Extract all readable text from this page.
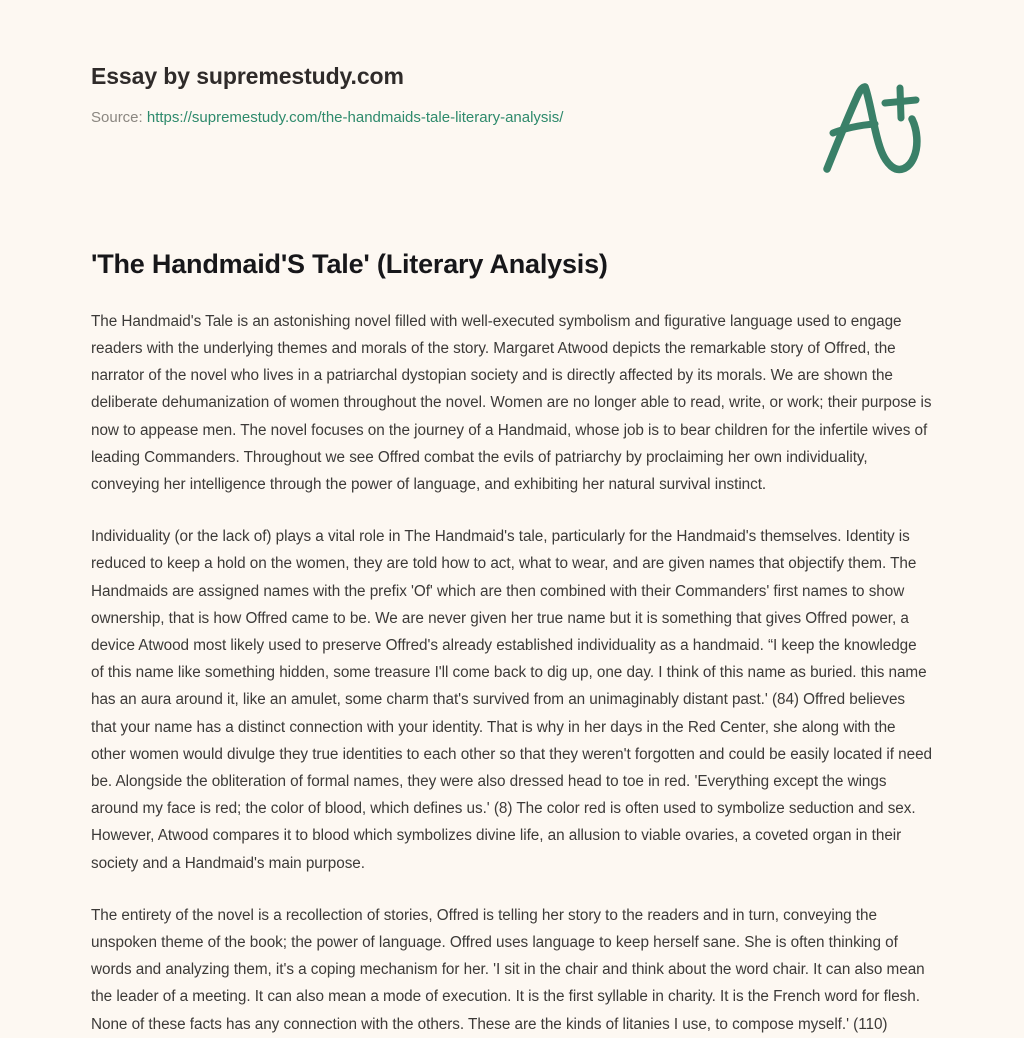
Essay by supremestudy.com
Source: https://supremestudy.com/the-handmaids-tale-literary-analysis/
'The Handmaid'S Tale' (Literary Analysis)

The Handmaid's Tale is an astonishing novel filled with well-executed symbolism and figurative language used to engage readers with the underlying themes and morals of the story. Margaret Atwood depicts the remarkable story of Offred, the narrator of the novel who lives in a patriarchal dystopian society and is directly affected by its morals. We are shown the deliberate dehumanization of women throughout the novel. Women are no longer able to read, write, or work; their purpose is now to appease men. The novel focuses on the journey of a Handmaid, whose job is to bear children for the infertile wives of leading Commanders. Throughout we see Offred combat the evils of patriarchy by proclaiming her own individuality, conveying her intelligence through the power of language, and exhibiting her natural survival instinct.

Individuality (or the lack of) plays a vital role in The Handmaid's tale, particularly for the Handmaid's themselves. Identity is reduced to keep a hold on the women, they are told how to act, what to wear, and are given names that objectify them. The Handmaids are assigned names with the prefix 'Of' which are then combined with their Commanders' first names to show ownership, that is how Offred came to be. We are never given her true name but it is something that gives Offred power, a device Atwood most likely used to preserve Offred's already established individuality as a handmaid. “I keep the knowledge of this name like something hidden, some treasure I'll come back to dig up, one day. I think of this name as buried. this name has an aura around it, like an amulet, some charm that's survived from an unimaginably distant past.' (84) Offred believes that your name has a distinct connection with your identity. That is why in her days in the Red Center, she along with the other women would divulge they true identities to each other so that they weren't forgotten and could be easily located if need be. Alongside the obliteration of formal names, they were also dressed head to toe in red. 'Everything except the wings around my face is red; the color of blood, which defines us.' (8) The color red is often used to symbolize seduction and sex. However, Atwood compares it to blood which symbolizes divine life, an allusion to viable ovaries, a coveted organ in their society and a Handmaid's main purpose.

The entirety of the novel is a recollection of stories, Offred is telling her story to the readers and in turn, conveying the unspoken theme of the book; the power of language. Offred uses language to keep herself sane. She is often thinking of words and analyzing them, it's a coping mechanism for her. 'I sit in the chair and think about the word chair. It can also mean the leader of a meeting. It can also mean a mode of execution. It is the first syllable in charity. It is the French word for flesh. None of these facts has any connection with the others. These are the kinds of litanies I use, to compose myself.' (110)
